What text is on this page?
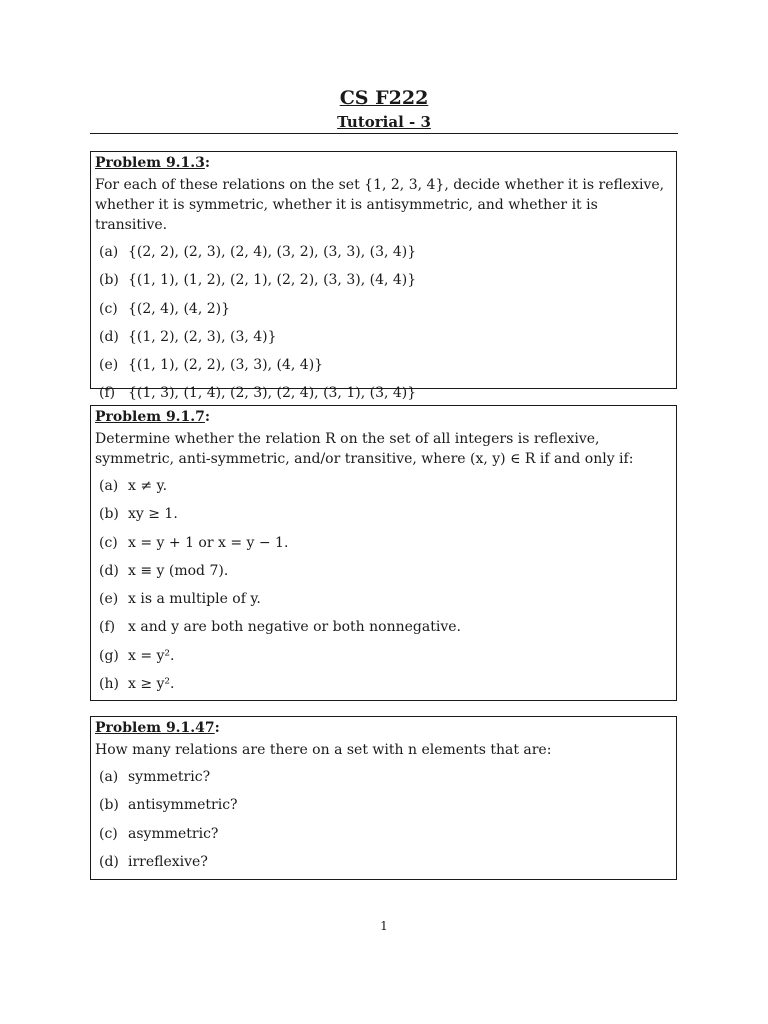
CS F222
Tutorial - 3
Problem 9.1.3:
For each of these relations on the set {1, 2, 3, 4}, decide whether it is reflexive, whether it is symmetric, whether it is antisymmetric, and whether it is transitive.
(a) {(2, 2), (2, 3), (2, 4), (3, 2), (3, 3), (3, 4)}
(b) {(1, 1), (1, 2), (2, 1), (2, 2), (3, 3), (4, 4)}
(c) {(2, 4), (4, 2)}
(d) {(1, 2), (2, 3), (3, 4)}
(e) {(1, 1), (2, 2), (3, 3), (4, 4)}
(f) {(1, 3), (1, 4), (2, 3), (2, 4), (3, 1), (3, 4)}
Problem 9.1.7:
Determine whether the relation R on the set of all integers is reflexive, symmetric, anti-symmetric, and/or transitive, where (x, y) ∈ R if and only if:
(a) x ≠ y.
(b) xy ≥ 1.
(c) x = y + 1 or x = y − 1.
(d) x ≡ y (mod 7).
(e) x is a multiple of y.
(f) x and y are both negative or both nonnegative.
(g) x = y².
(h) x ≥ y².
Problem 9.1.47:
How many relations are there on a set with n elements that are:
(a) symmetric?
(b) antisymmetric?
(c) asymmetric?
(d) irreflexive?
1
